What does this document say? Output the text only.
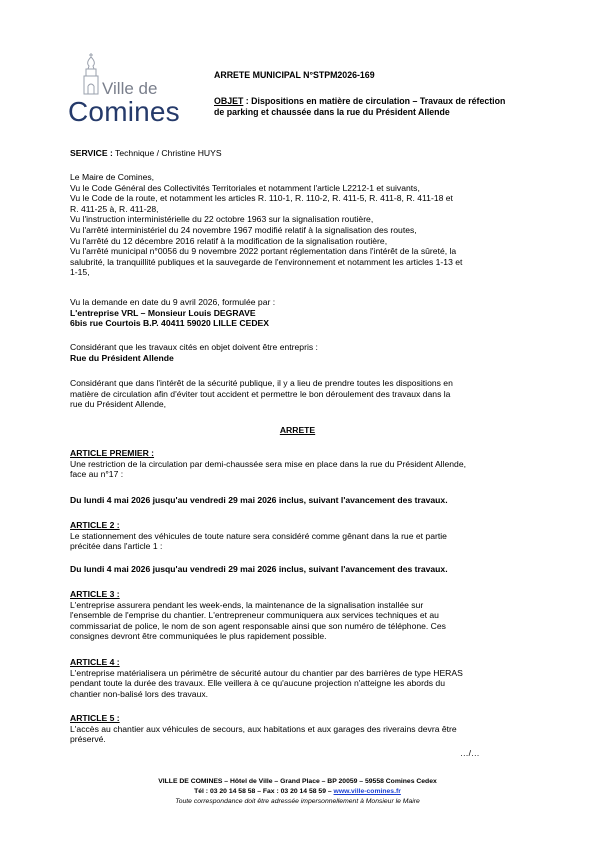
Ville de
Comines
ARRETE MUNICIPAL N°STPM2026-169
OBJET : Dispositions en matière de circulation – Travaux de réfection de parking et chaussée dans la rue du Président Allende
SERVICE : Technique / Christine HUYS
Le Maire de Comines,
Vu le Code Général des Collectivités Territoriales et notamment l'article L2212-1 et suivants,
Vu le Code de la route, et notamment les articles R. 110-1, R. 110-2, R. 411-5, R. 411-8, R. 411-18 et
R. 411-25 à, R. 411-28,
Vu l'instruction interministérielle du 22 octobre 1963 sur la signalisation routière,
Vu l'arrêté interministériel du 24 novembre 1967 modifié relatif à la signalisation des routes,
Vu l'arrêté du 12 décembre 2016 relatif à la modification de la signalisation routière,
Vu l'arrêté municipal n°0056 du 9 novembre 2022 portant réglementation dans l'intérêt de la sûreté, la
salubrité, la tranquillité publiques et la sauvegarde de l'environnement et notamment les articles 1-13 et
1-15,
Vu la demande en date du 9 avril 2026, formulée par :
L'entreprise VRL – Monsieur Louis DEGRAVE
6bis rue Courtois B.P. 40411 59020 LILLE CEDEX
Considérant que les travaux cités en objet doivent être entrepris :
Rue du Président Allende
Considérant que dans l'intérêt de la sécurité publique, il y a lieu de prendre toutes les dispositions en
matière de circulation afin d'éviter tout accident et permettre le bon déroulement des travaux dans la
rue du Président Allende,
ARRETE
ARTICLE PREMIER :
Une restriction de la circulation par demi-chaussée sera mise en place dans la rue du Président Allende,
face au n°17 :
Du lundi 4 mai 2026 jusqu'au vendredi 29 mai 2026 inclus, suivant l'avancement des travaux.
ARTICLE 2 :
Le stationnement des véhicules de toute nature sera considéré comme gênant dans la rue et partie
précitée dans l'article 1 :
Du lundi 4 mai 2026 jusqu'au vendredi 29 mai 2026 inclus, suivant l'avancement des travaux.
ARTICLE 3 :
L'entreprise assurera pendant les week-ends, la maintenance de la signalisation installée sur
l'ensemble de l'emprise du chantier. L'entrepreneur communiquera aux services techniques et au
commissariat de police, le nom de son agent responsable ainsi que son numéro de téléphone. Ces
consignes devront être communiquées le plus rapidement possible.
ARTICLE 4 :
L'entreprise matérialisera un périmètre de sécurité autour du chantier par des barrières de type HERAS
pendant toute la durée des travaux. Elle veillera à ce qu'aucune projection n'atteigne les abords du
chantier non-balisé lors des travaux.
ARTICLE 5 :
L'accès au chantier aux véhicules de secours, aux habitations et aux garages des riverains devra être
préservé.
…/…
VILLE DE COMINES – Hôtel de Ville – Grand Place – BP 20059 – 59558 Comines Cedex
Tél : 03 20 14 58 58 – Fax : 03 20 14 58 59 – www.ville-comines.fr
Toute correspondance doit être adressée impersonnellement à Monsieur le Maire
